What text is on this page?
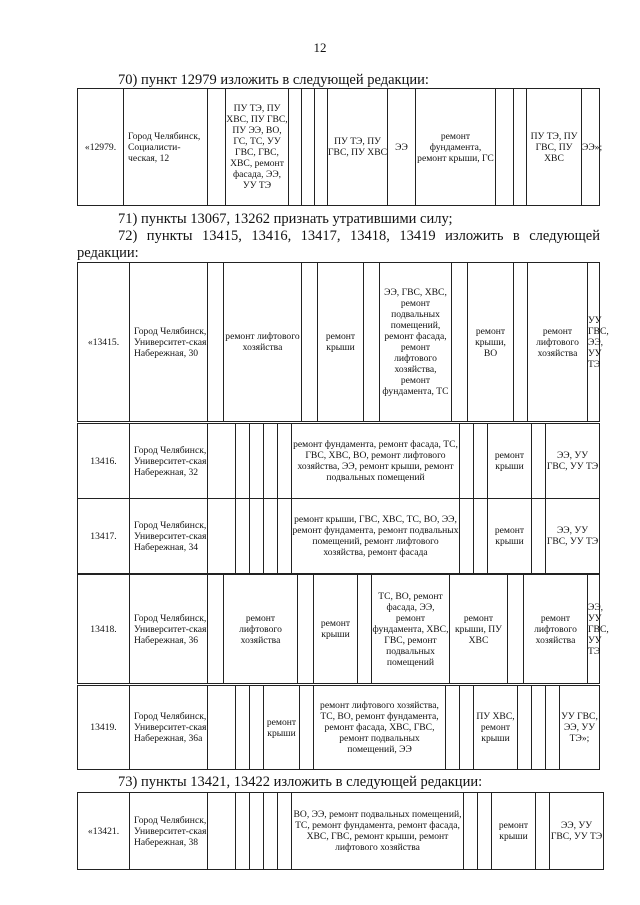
12
70) пункт 12979 изложить в следующей редакции:
«12979.	Город Челябинск, Социалисти-ческая, 12		ПУ ТЭ, ПУ ХВС, ПУ ГВС, ПУ ЭЭ, ВО, ГС, ТС, УУ ГВС, ГВС, ХВС, ремонт фасада, ЭЭ, УУ ТЭ				ПУ ТЭ, ПУ ГВС, ПУ ХВС	ЭЭ	ремонт фундамента, ремонт крыши, ГС			ПУ ТЭ, ПУ ГВС, ПУ ХВС	ЭЭ»;
71) пункты 13067, 13262 признать утратившими силу;
72) пункты 13415, 13416, 13417, 13418, 13419 изложить в следующей
редакции:
«13415.	Город Челябинск, Университет-ская Набережная, 30		ремонт лифтового хозяйства		ремонт крыши		ЭЭ, ГВС, ХВС, ремонт подвальных помещений, ремонт фасада, ремонт лифтового хозяйства, ремонт фундамента, ТС		ремонт крыши, ВО		ремонт лифтового хозяйства	УУ ГВС, ЭЭ, УУ ТЭ
13416.	Город Челябинск, Университет-ская Набережная, 32						ремонт фундамента, ремонт фасада, ТС, ГВС, ХВС, ВО, ремонт лифтового хозяйства, ЭЭ, ремонт крыши, ремонт подвальных помещений			ремонт крыши		ЭЭ, УУ ГВС, УУ ТЭ
13417.	Город Челябинск, Университет-ская Набережная, 34						ремонт крыши, ГВС, ХВС, ТС, ВО, ЭЭ, ремонт фундамента, ремонт подвальных помещений, ремонт лифтового хозяйства, ремонт фасада			ремонт крыши		ЭЭ, УУ ГВС, УУ ТЭ
13418.	Город Челябинск, Университет-ская Набережная, 36		ремонт лифтового хозяйства		ремонт крыши		ТС, ВО, ремонт фасада, ЭЭ, ремонт фундамента, ХВС, ГВС, ремонт подвальных помещений	ремонт крыши, ПУ ХВС		ремонт лифтового хозяйства	ЭЭ, УУ ГВС, УУ ТЭ
13419.	Город Челябинск, Университет-ская Набережная, 36а				ремонт крыши		ремонт лифтового хозяйства, ТС, ВО, ремонт фундамента, ремонт фасада, ХВС, ГВС, ремонт подвальных помещений, ЭЭ			ПУ ХВС, ремонт крыши				УУ ГВС, ЭЭ, УУ ТЭ»;
73) пункты 13421, 13422 изложить в следующей редакции:
«13421.	Город Челябинск, Университет-ская Набережная, 38						ВО, ЭЭ, ремонт подвальных помещений, ТС, ремонт фундамента, ремонт фасада, ХВС, ГВС, ремонт крыши, ремонт лифтового хозяйства			ремонт крыши		ЭЭ, УУ ГВС, УУ ТЭ
